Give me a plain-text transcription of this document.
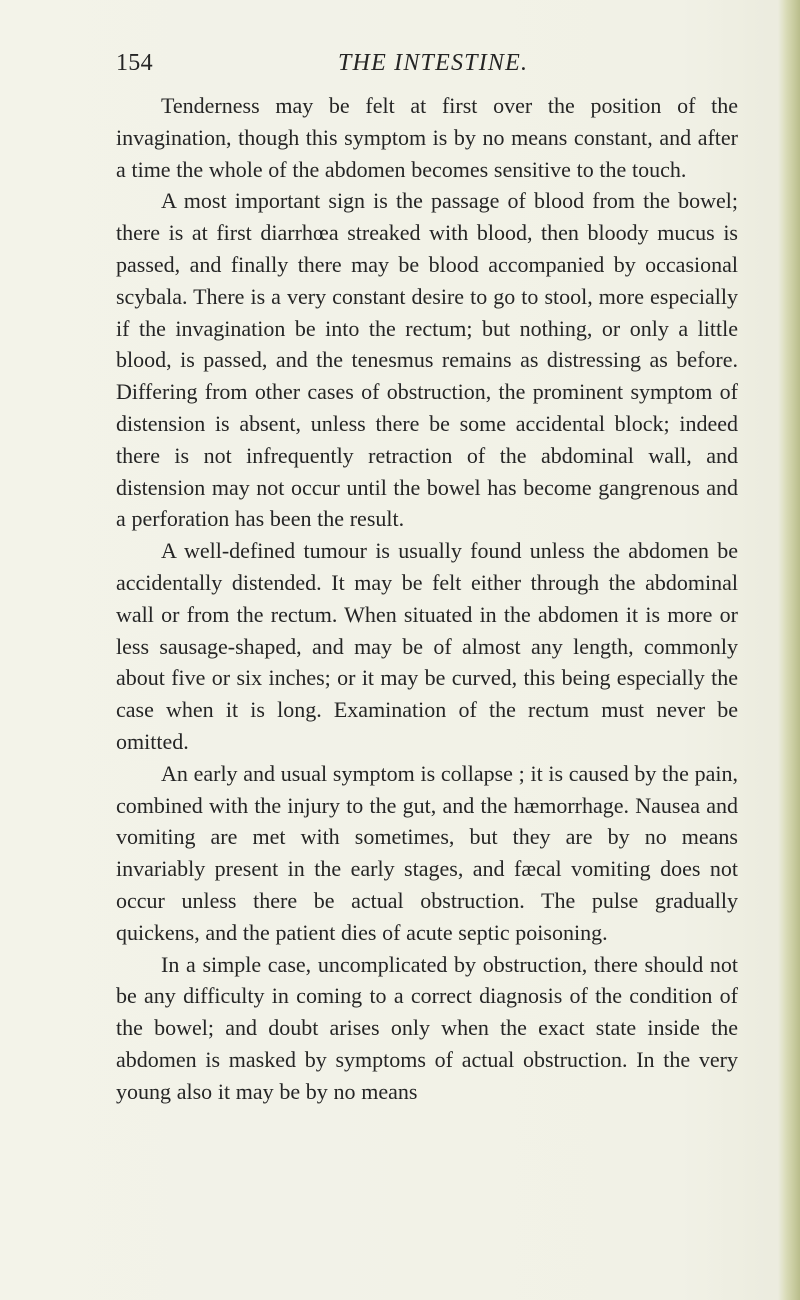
154	THE INTESTINE.

Tenderness may be felt at first over the position of the invagination, though this symptom is by no means constant, and after a time the whole of the abdomen becomes sensitive to the touch.

A most important sign is the passage of blood from the bowel; there is at first diarrhœa streaked with blood, then bloody mucus is passed, and finally there may be blood accompanied by occasional scybala. There is a very constant desire to go to stool, more especially if the invagination be into the rectum; but nothing, or only a little blood, is passed, and the tenesmus remains as distressing as before. Differing from other cases of obstruction, the prominent symptom of distension is absent, unless there be some accidental block; indeed there is not infrequently retraction of the abdominal wall, and distension may not occur until the bowel has become gangrenous and a perforation has been the result.

A well-defined tumour is usually found unless the abdomen be accidentally distended. It may be felt either through the abdominal wall or from the rectum. When situated in the abdomen it is more or less sausage-shaped, and may be of almost any length, commonly about five or six inches; or it may be curved, this being especially the case when it is long. Examination of the rectum must never be omitted.

An early and usual symptom is collapse ; it is caused by the pain, combined with the injury to the gut, and the hæmorrhage. Nausea and vomiting are met with sometimes, but they are by no means invariably present in the early stages, and fæcal vomiting does not occur unless there be actual obstruction. The pulse gradually quickens, and the patient dies of acute septic poisoning.

In a simple case, uncomplicated by obstruction, there should not be any difficulty in coming to a correct diagnosis of the condition of the bowel; and doubt arises only when the exact state inside the abdomen is masked by symptoms of actual obstruction. In the very young also it may be by no means
